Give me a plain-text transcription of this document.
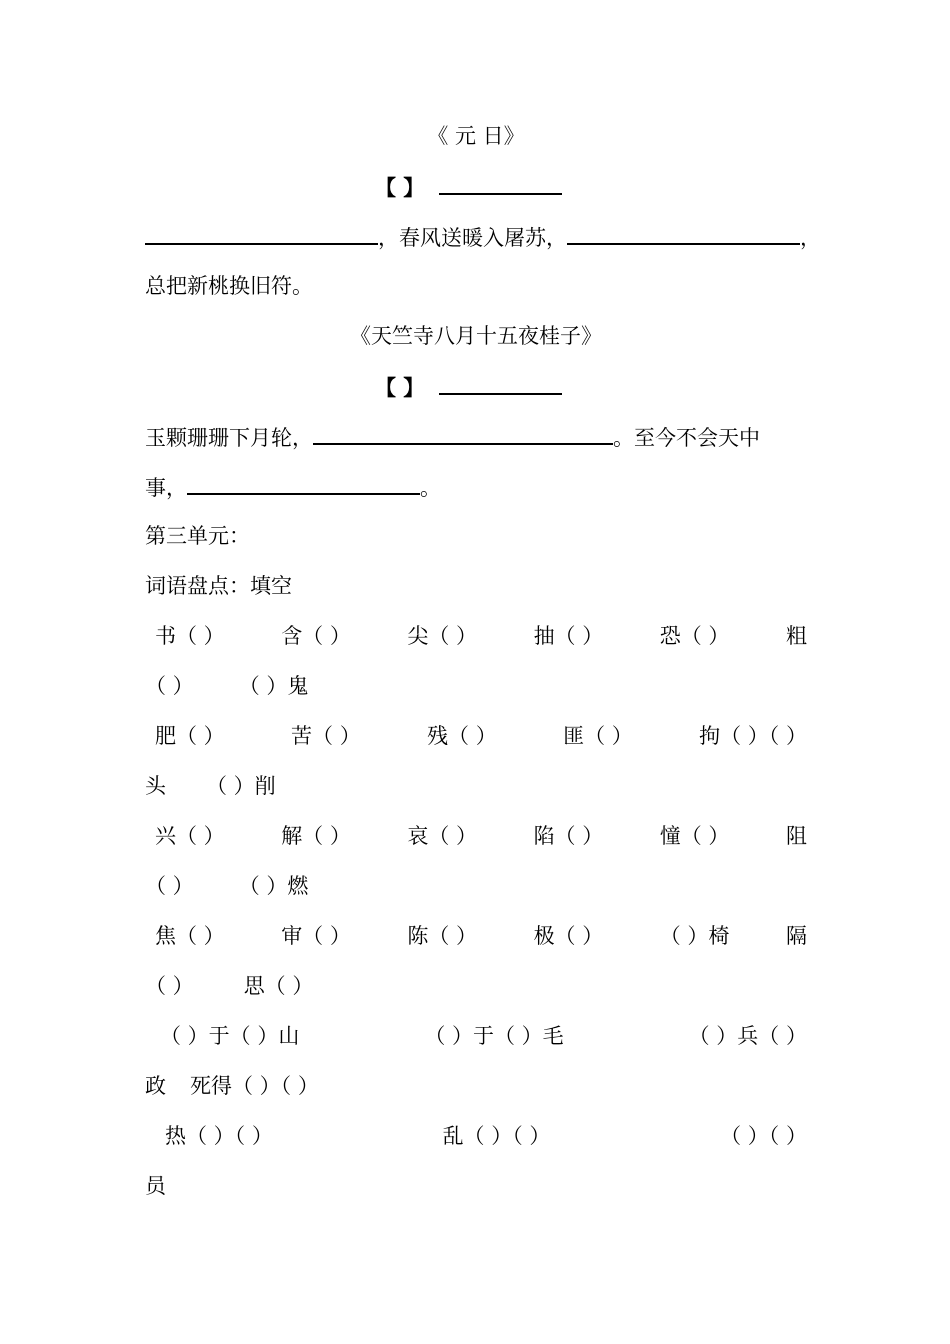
《 元 日》
【 】
，春风送暖入屠苏，	，
总把新桃换旧符。
《天竺寺八月十五夜桂子》
【 】
玉颗珊珊下月轮，	。至今不会天中
事，	。
第三单元：
词语盘点：填空
书（ ）	含（ ）	尖（ ）	抽（ ）	恐（ ）	粗
（ ） （ ）鬼
肥（ ）	苦（ ）	残（ ）	匪（ ）	拘（ ）（ ）
头 （ ）削
兴（ ）	解（ ）	哀（ ）	陷（ ）	憧（ ）	阻
（ ） （ ）燃
焦（ ）	审（ ）	陈（ ）	极（ ）	（ ）椅	隔
（ ） 思（ ）
（ ）于（ ）山	（ ）于（ ）毛	（ ）兵（ ）
政 死得（ ）（ ）
热（ ）（ ）	乱（ ）（ ）	（ ）（ ）
员
